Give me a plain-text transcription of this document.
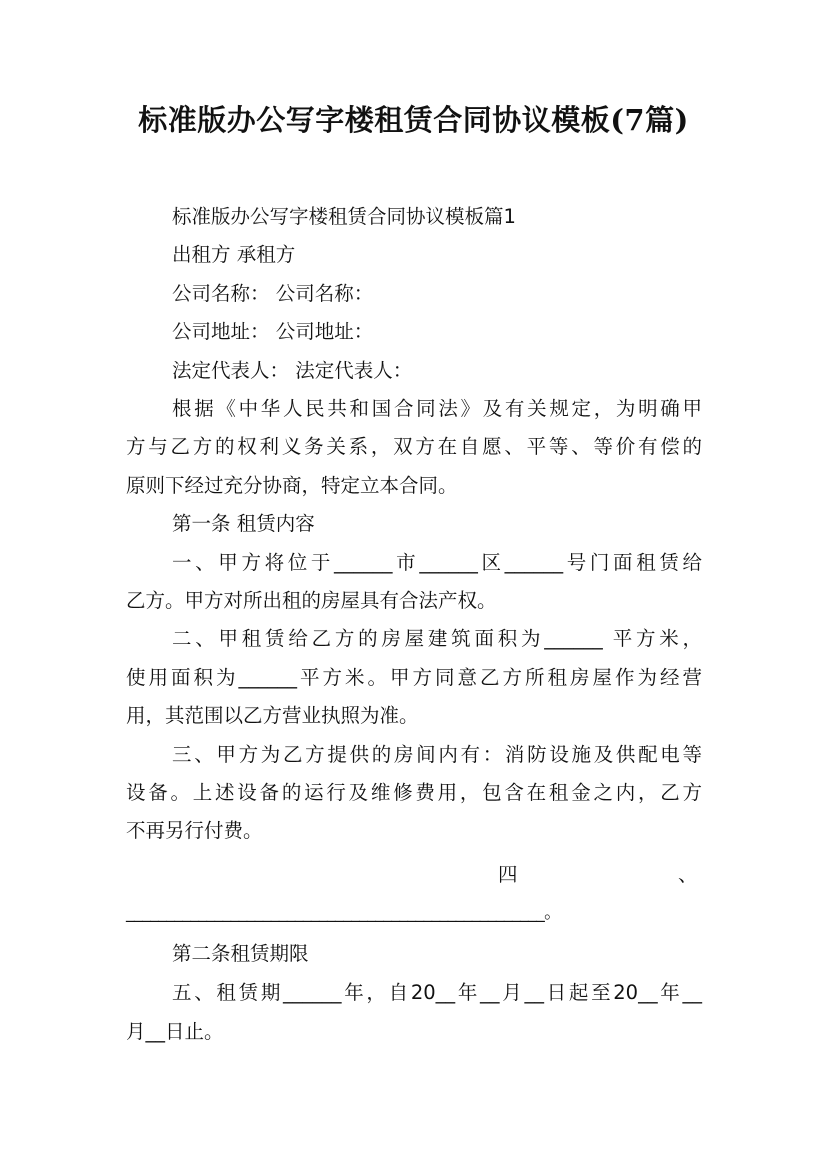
标准版办公写字楼租赁合同协议模板(7篇)
标准版办公写字楼租赁合同协议模板篇1
出租方 承租方
公司名称： 公司名称：
公司地址： 公司地址：
法定代表人： 法定代表人：
根据《中华人民共和国合同法》及有关规定，为明确甲
方与乙方的权利义务关系，双方在自愿、平等、等价有偿的
原则下经过充分协商，特定立本合同。
第一条 租赁内容
一、甲方将位于______市______区______号门面租赁给
乙方。甲方对所出租的房屋具有合法产权。
二、甲租赁给乙方的房屋建筑面积为______ 平方米，
使用面积为______平方米。甲方同意乙方所租房屋作为经营
用，其范围以乙方营业执照为准。
三、甲方为乙方提供的房间内有：消防设施及供配电等
设备。上述设备的运行及维修费用，包含在租金之内，乙方
不再另行付费。
四	、
____________________________________________________。
第二条租赁期限
五、租赁期______年，自20__年__月__日起至20__年__
月__日止。
